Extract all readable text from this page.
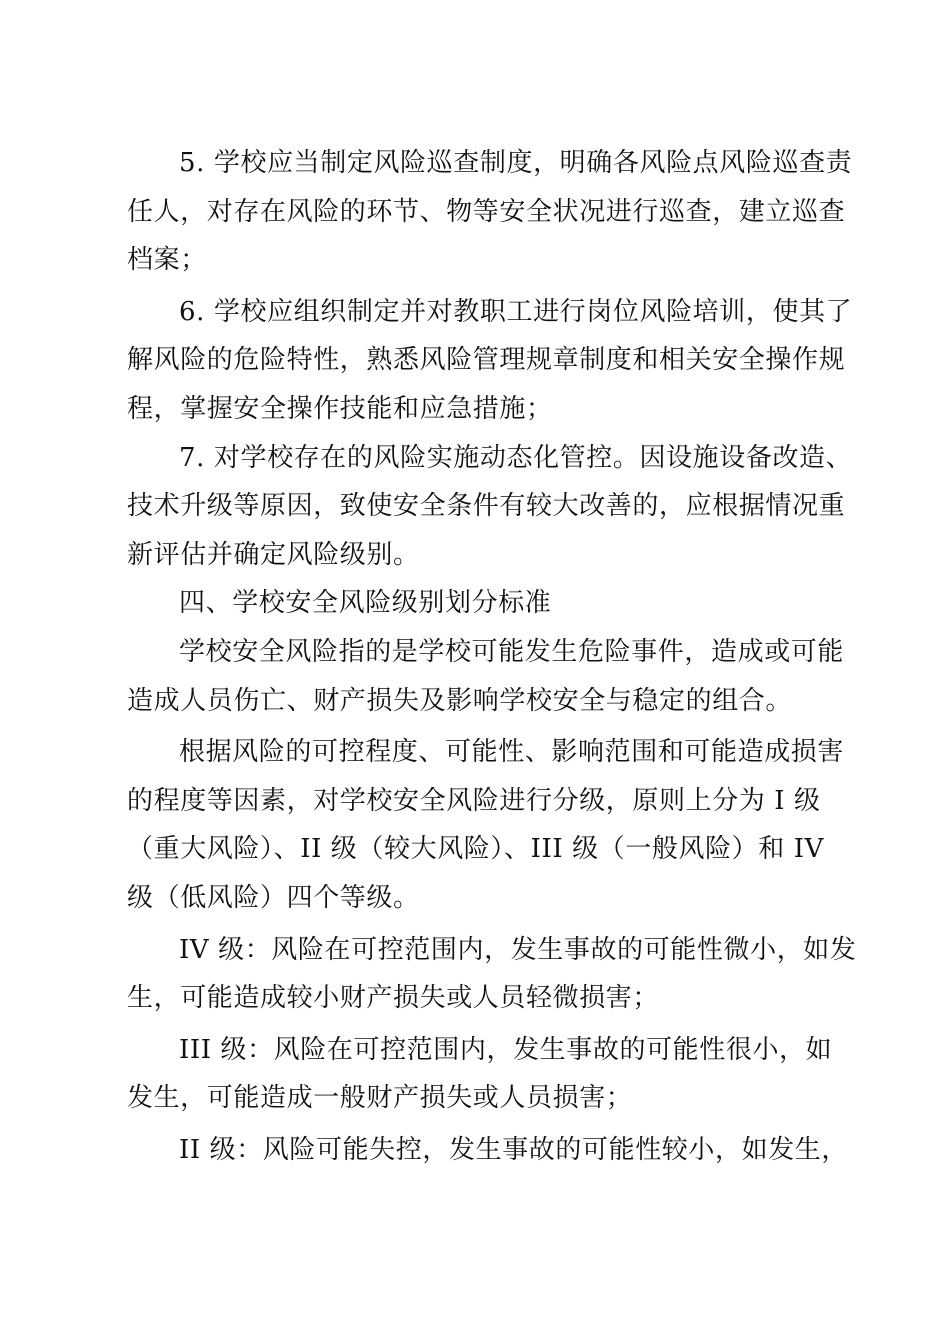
5. 学校应当制定风险巡查制度，明确各风险点风险巡查责
任人，对存在风险的环节、物等安全状况进行巡查，建立巡查
档案；
6. 学校应组织制定并对教职工进行岗位风险培训，使其了
解风险的危险特性，熟悉风险管理规章制度和相关安全操作规
程，掌握安全操作技能和应急措施；
7. 对学校存在的风险实施动态化管控。因设施设备改造、
技术升级等原因，致使安全条件有较大改善的，应根据情况重
新评估并确定风险级别。
四、学校安全风险级别划分标准
学校安全风险指的是学校可能发生危险事件，造成或可能
造成人员伤亡、财产损失及影响学校安全与稳定的组合。
根据风险的可控程度、可能性、影响范围和可能造成损害
的程度等因素，对学校安全风险进行分级，原则上分为 I 级
（重大风险）、II 级（较大风险）、III 级（一般风险）和 IV
级（低风险）四个等级。
IV 级：风险在可控范围内，发生事故的可能性微小，如发
生，可能造成较小财产损失或人员轻微损害；
III 级：风险在可控范围内，发生事故的可能性很小，如
发生，可能造成一般财产损失或人员损害；
II 级：风险可能失控，发生事故的可能性较小，如发生，
